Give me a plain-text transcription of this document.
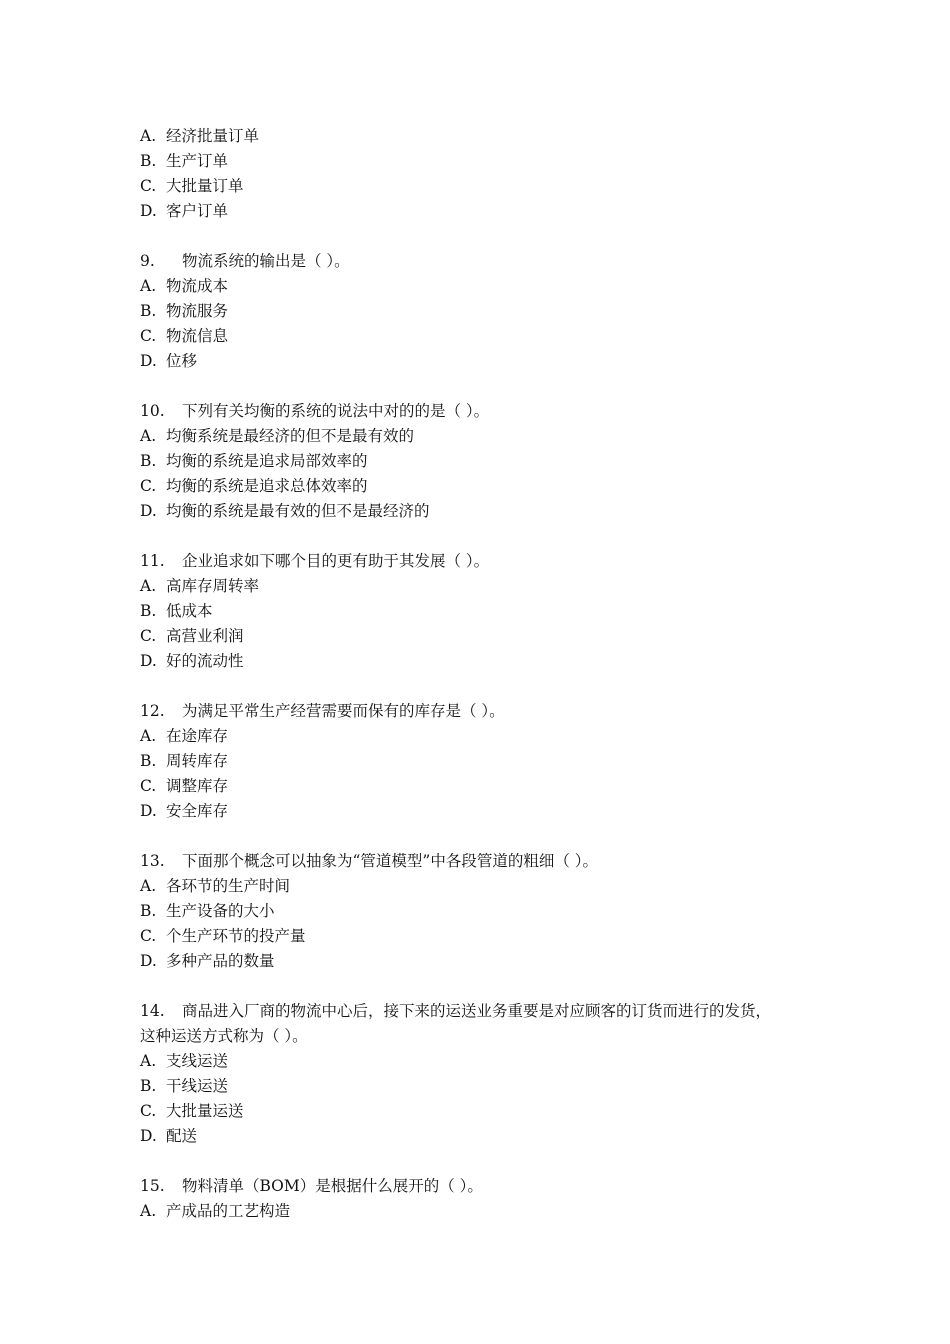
A. 经济批量订单
B. 生产订单
C. 大批量订单
D. 客户订单
9. 物流系统的输出是（ ）。
A. 物流成本
B. 物流服务
C. 物流信息
D. 位移
10. 下列有关均衡的系统的说法中对的的是（ ）。
A. 均衡系统是最经济的但不是最有效的
B. 均衡的系统是追求局部效率的
C. 均衡的系统是追求总体效率的
D. 均衡的系统是最有效的但不是最经济的
11. 企业追求如下哪个目的更有助于其发展（ ）。
A. 高库存周转率
B. 低成本
C. 高营业利润
D. 好的流动性
12. 为满足平常生产经营需要而保有的库存是（ ）。
A. 在途库存
B. 周转库存
C. 调整库存
D. 安全库存
13. 下面那个概念可以抽象为“管道模型”中各段管道的粗细（ ）。
A. 各环节的生产时间
B. 生产设备的大小
C. 个生产环节的投产量
D. 多种产品的数量
14. 商品进入厂商的物流中心后，接下来的运送业务重要是对应顾客的订货而进行的发货，
这种运送方式称为（ ）。
A. 支线运送
B. 干线运送
C. 大批量运送
D. 配送
15. 物料清单（BOM）是根据什么展开的（ ）。
A. 产成品的工艺构造
